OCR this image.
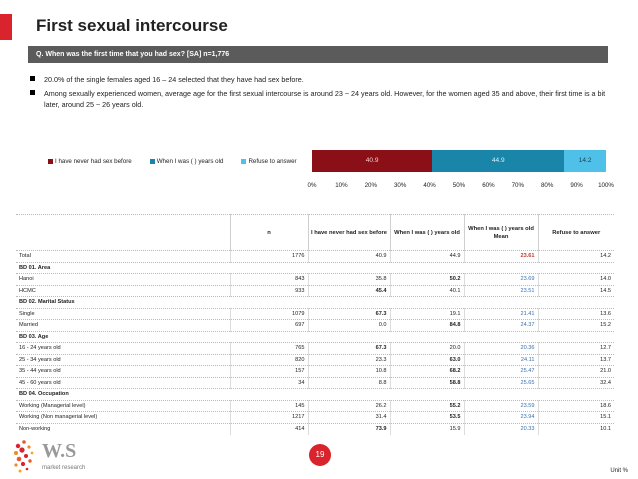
First sexual intercourse
Q. When was the first time that you had sex? [SA] n=1,776
20.0% of the single females aged 16 – 24 selected that they have had sex before.
Among sexually experienced women, average age for the first sexual intercourse is around 23 ~ 24 years old. However, for the women aged 35 and above, their first time is a bit later, around 25 ~ 26 years old.
I have never had sex before	When I was ( ) years old	Refuse to answer	40.9	44.9	14.2
0%	10%	20%	30%	40%	50%	60%	70%	80%	90% 100%
	n	I have never had sex before	When I was ( ) years old	When I was ( ) years old Mean	Refuse to answer
Total	1776	40.9	44.9	23.61	14.2
BD 01. Area					
Hanoi	843	35.8	50.2	23.69	14.0
HCMC	933	45.4	40.1	23.51	14.5
BD 02. Marital Status					
Single	1079	67.3	19.1	21.41	13.6
Married	697	0.0	84.8	24.37	15.2
BD 03. Age					
16 - 24 years old	765	67.3	20.0	20.36	12.7
25 - 34 years old	820	23.3	63.0	24.11	13.7
35 - 44 years old	157	10.8	68.2	25.47	21.0
45 - 60 years old	34	8.8	58.8	25.65	32.4
BD 04. Occupation					
Working (Managerial level)	145	26.2	55.2	23.59	18.6
Working (Non managerial level)	1217	31.4	53.5	23.94	15.1
Non-working	414	73.9	15.9	20.33	10.1
W.S
market research
19
Unit %
